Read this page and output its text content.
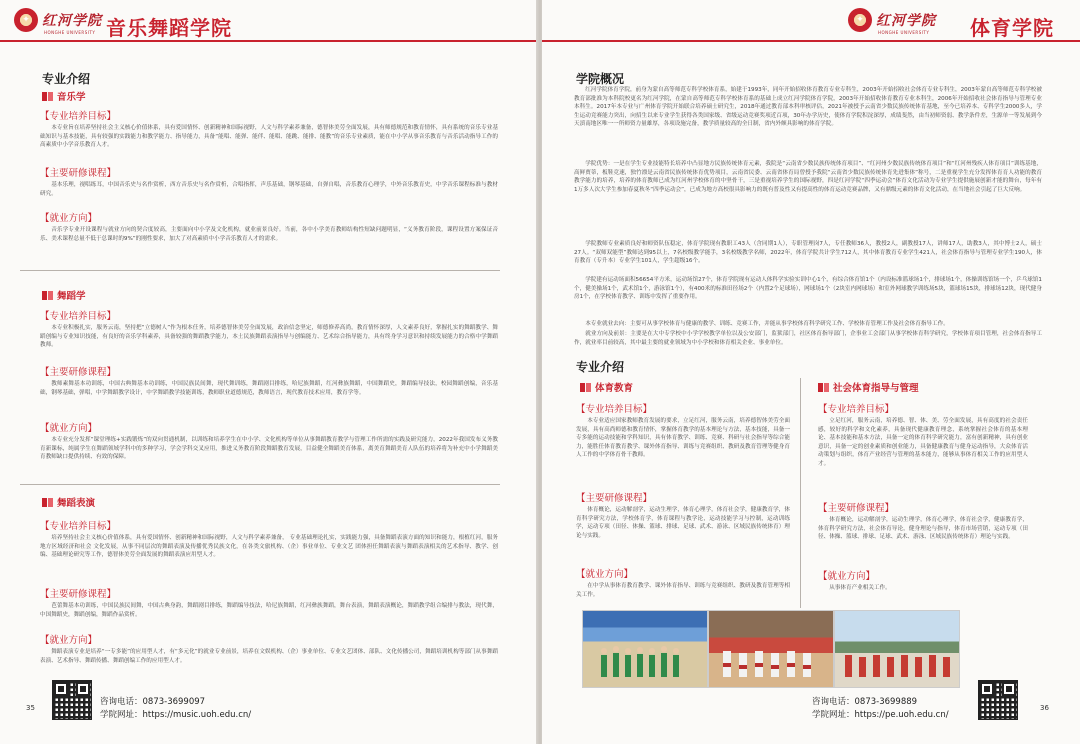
✦ 红河学院
HONGHE UNIVERSITY 音乐舞蹈学院
专业介绍
音乐学
【专业培养目标】
本专业旨在培养坚持社会主义核心价值体系，具有爱国情怀、创新精神和国际视野，人文与科学素养兼备，德智体美劳全面发展，具有师德规范和教育情怀，具有系统的音乐专业基础知识与基本技能，具有较强的实践能力和教学能力、指导能力，具备“能唱、能弹、能伴、能唱、能跳、能排、能教”的音乐专业素质，能在中小学从事音乐教育与音乐活动指导工作的高素质中小学音乐教育人才。
【主要研修课程】
基本乐理，视唱练耳，中国音乐史与名作赏析，西方音乐史与名作赏析，合唱指挥，声乐基础，钢琴基础，自弹自唱，音乐教育心理学，中外音乐教育史，中学音乐课程标准与教材研究。
【就业方向】
音乐学专业开设课程与就业方向的契合度较高，主要面向中小学及文化机构，就业前景良好。当前，各中小学美育教师结构性短缺问题明显，“义务教育阶段，课程设置方案保证音乐、美术课程总量不低于总课时的9%”的刚性要求，加大了对高素质中小学音乐教育人才的需求。
舞蹈学
【专业培养目标】
本专业积极扎实，服务云南，坚持把“立德树人”作为根本任务，培养德智体美劳全面发展，政治信念坚定，师德修养高尚，教育情怀深厚，人文素养良好，掌握扎实的舞蹈教学、舞蹈创编与专业知识技能，有良好的音乐学科素养，具备较强的舞蹈教学能力，本土民族舞蹈表演指导与创编能力、艺术综合指导能力，具有终身学习意识和持续发展能力的合格中学舞蹈教师。
【主要研修课程】
教师素舞基本功训练，中国古典舞基本功训练，中国民族民间舞，现代舞训练，舞蹈剧目排练，哈尼族舞蹈，红河彝族舞蹈，中国舞蹈史，舞蹈编导技法，校园舞蹈创编，音乐基础，钢琴基础，弹唱，中学舞蹈教学设计，中学舞蹈教学技能训练，教师职业道德规范，教师语言，现代教育技术应用，教育学等。
【就业方向】
本专业充分发挥“课堂理练+实践锻炼”的双向贯通机制，以训练和培养学生在中小学、文化机构等单位从事舞蹈教育教学与管理工作所需的实践及研究能力，2022年我国发布义务教育新课标，纯属学生在舞蹈领域学科中的多种学习，学会学科交叉应用，推进义务教育阶段舞蹈教育发展，目益健全舞蹈美育体系，离美育舞蹈美育人队伍的培养将为补充中小学舞蹈美育教师缺口提供持续、有效的保障。
舞蹈表演
【专业培养目标】
培养坚持社会主义核心价值体系，具有爱国情怀、创新精神和国际视野，人文与科学素养兼备， 专业基础理论扎实，实践能力强，具备舞蹈表演方面的知识和能力，根植红河，服务地方区域经济和社会 文化发展，从事不同层次的舞蹈表演及传播优秀民族文化，在各类文旅机构、（企）事业单位、专业文艺 团体担任舞蹈表演与舞蹈表演相关的艺术指导、教学、创编、基础理论研究等工作，德智体美劳全面发展的舞蹈表演应用型人才。
【主要研修课程】
芭蕾舞基本功训练，中国民族民间舞，中国古典身韵，舞蹈剧目排练，舞蹈编导技法，哈尼族舞蹈，红河彝族舞蹈，舞台表演，舞蹈表演概论，舞蹈教学组合编排与教法，现代舞，中国舞蹈史，舞蹈创编，舞蹈作品赏析。
【就业方向】
舞蹈表演专业是培养“一专多能”的应用型人才，有“多元化”的就业专业前景，培养在文娱机构、（企）事业单位、专业文艺团体、部队、文化传播公司，舞蹈培训机构等部门从事舞蹈表演、艺术指导、舞蹈传播、舞蹈创编工作的应用型人才。
咨询电话：0873-3699097
学院网址：https://music.uoh.edu.cn/
35
✦ 红河学院
HONGHE UNIVERSITY 体育学院
学院概况
红河学院体育学院，前身为蒙自高等师范专科学校体育系，始建于1993年，同年开始招收体育教育专业专科生，2003年开始招收社会体育专业专科生，2003年蒙自高等师范专科学校被教育部批准为本科院校更名为红河学院，在蒙自高等师范专科学校体育系的基础上成立红河学院体育学院，2003年开始招收体育教育专业本科生，2006年开始招收社会体育指导与管理专业本科生。2017年本专业与广州体育学院开始联合培养硕士研究生，2018年通过教育部本科审核评估，2021年被授予云南省少数民族传统体育基地，至今已培养本、专科学生2000多人，学生运动竞赛能力突出，向招生以来专业学生获得各类国家级、省级运动竞赛奖项近百项，30年办学历史，使体育学院积淀深厚，成绩斐然，由当初师资弱、教学条件差，生源单一等发展到今天滇南地区唯一一所师资力量雄厚，各项设施完备，教学质量较高的全日制，省内外颇具影响的体育学院。
学院优势：一是在学生专业技能特长培养中凸显地方民族传统体育元素，我院是“云南省少数民族传统体育项目”、“红河州少数民族传统体育项目”和“红河州残疾人体育项目”训练基地，高鲜贾蒂，板鞋竞速，独竹漂是云南省民族传统体育优势项目，云南省民委、云南省体育局曾授予我院“云南省少数民族传统体育先进集体”称号，二是重视学生充分发挥体育育人功能的教育教学能力的培养，培养的体育教师已成为红河州学校体育的中坚骨干，三是重视培养学生的国际视野，四是红河学院“四季运动会”体育文化活动为专业学生提供施展创新才能的舞台，每年有1万多人次大学生参加春夏秋冬“四季运动会”，已成为地方高校很具影响力的既有普及性又有提高性的体育运动竞赛品牌，又有鼎级元素的体育文化活动，在当地社会引起了巨大反响。
学院教师专业素质良好和师资队伍稳定，体育学院现有教职工43人（含同期1人），专职管理岗7人，专任教师36人，教授2人，副教授17人，讲师17人，助教3人，其中博士2人，硕士27人。“双师双能型”教师达到95以上，7名校级教学能手，3名校级教学名师，2022年，体育学院共计学生712人，其中体育教育专业学生421人，社会体育指导与管理专业学生190人，体育教育（专升本）专业学生101人，学生超级16个。
学院建有运动场面积56654平方米，运动场馆27个，体育学院现有运动人体科学实验实训中心1个，有综合体育馆1个（内设标准篮球场1个，排球场1个，体操训练馆场一个，乒乓球馆1个，健美操场1个，武术馆1个，游泳馆1个），有400米的标准田径场2个（内置2个足球场），网球场1个（2块室内网球场）和室外网球教学训练场5块，篮球场15块，排球场12块，现代健身房1个，在学校体育教学、训练中发挥了重要作用。
本专业就业去向：主要可从事学校体育与健康的教学、训练、竞赛工作，并能从事学校体育科学研究工作、学校体育管理工作及社会体育指导工作。
就业方向及前景：主要是在大中专学校中小学学校教学单位以及公安部门，监狱部门，社区体育指导部门，企事业工会部门从事学校体育科学研究，学校体育项目管理，社会体育指导工作，就业率目前较高，其中最主要的就业领域为中小学校和体育相关企业、事业单位。
专业介绍
体育教育
【专业培养目标】
本专业适应国家教师教育发展的要求，立足红河，服务云南，培养德智体美劳全面发展，具有高尚师德和教育情怀，掌握体育教学的基本理论与方法，基本技能，具备一专多能的运动技能和学科知识，具有体育教学、训练、竞赛、科研与社会指导等综合能力，能胜任体育教育教学、课外体育指导、训练与竞赛组织、教研及教育管理等健身育人工作的中学体育骨干教师。
【主要研修课程】
体育概论，运动解剖学，运动生理学，体育心理学，体育社会学，健康教育学，体育科学研究方法，学校体育学，体育课程与教学论，运动技能学习与控制，运动训练学，运动专项（田径、体操、篮球、排球、足球、武术、游泳、区域民族传统体育）理论与实践。
【就业方向】
在中学从事体育教育教学、课外体育指导、训练与竞赛组织、教研及教育管理等相关工作。
社会体育指导与管理
【专业培养目标】
立足红河，服务云南，培养德、智、体、美、劳全面发展，具有高度的社会责任感，较好的科学和文化素养，具备现代健康教育理念，系统掌握社会体育的基本理论、基本技能和基本方法，具备一定的体育科学研究能力，富有创新精神，具有创业意识，具备一定的创业素质和创业能力，具备健康教育与健身运动指导，大众体育活动策划与组织，体育产业经营与管理的基本能力，能够从事体育相关工作的应用型人才。
【主要研修课程】
体育概论，运动解剖学，运动生理学，体育心理学，体育社会学，健康教育学，体育科学研究方法，社会体育导论，健身理论与指导，体育市场营销，运动专项（田径、体操、篮球、排球、足球、武术、游泳、区域民族传统体育）理论与实践。
【就业方向】
从事体育产业相关工作。
咨询电话：0873-3699889
学院网址：https://pe.uoh.edu.cn/
36
